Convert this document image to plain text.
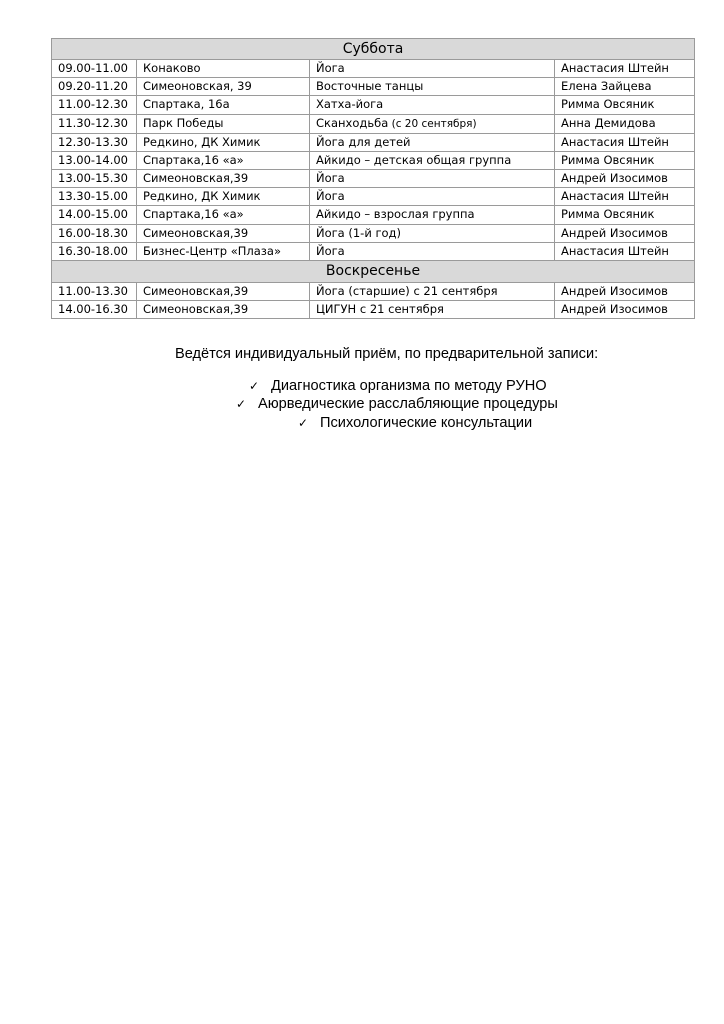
Суббота			
09.00-11.00	Конаково	Йога	Анастасия Штейн
09.20-11.20	Симеоновская, 39	Восточные танцы	Елена Зайцева
11.00-12.30	Спартака, 16а	Хатха-йога	Римма Овсяник
11.30-12.30	Парк Победы	Сканходьба (с 20 сентября)	Анна Демидова
12.30-13.30	Редкино, ДК Химик	Йога для детей	Анастасия Штейн
13.00-14.00	Спартака,16 «а»	Айкидо – детская общая группа	Римма Овсяник
13.00-15.30	Симеоновская,39	Йога	Андрей Изосимов
13.30-15.00	Редкино, ДК Химик	Йога	Анастасия Штейн
14.00-15.00	Спартака,16 «а»	Айкидо – взрослая группа	Римма Овсяник
16.00-18.30	Симеоновская,39	Йога (1-й год)	Андрей Изосимов
16.30-18.00	Бизнес-Центр «Плаза»	Йога	Анастасия Штейн
Воскресенье			
11.00-13.30	Симеоновская,39	Йога (старшие) с 21 сентября	Андрей Изосимов
14.00-16.30	Симеоновская,39	ЦИГУН с 21 сентября	Андрей Изосимов
Ведётся индивидуальный приём, по предварительной записи:
✓ Диагностика организма по методу РУНО
✓ Аюрведические расслабляющие процедуры
✓ Психологические консультации
